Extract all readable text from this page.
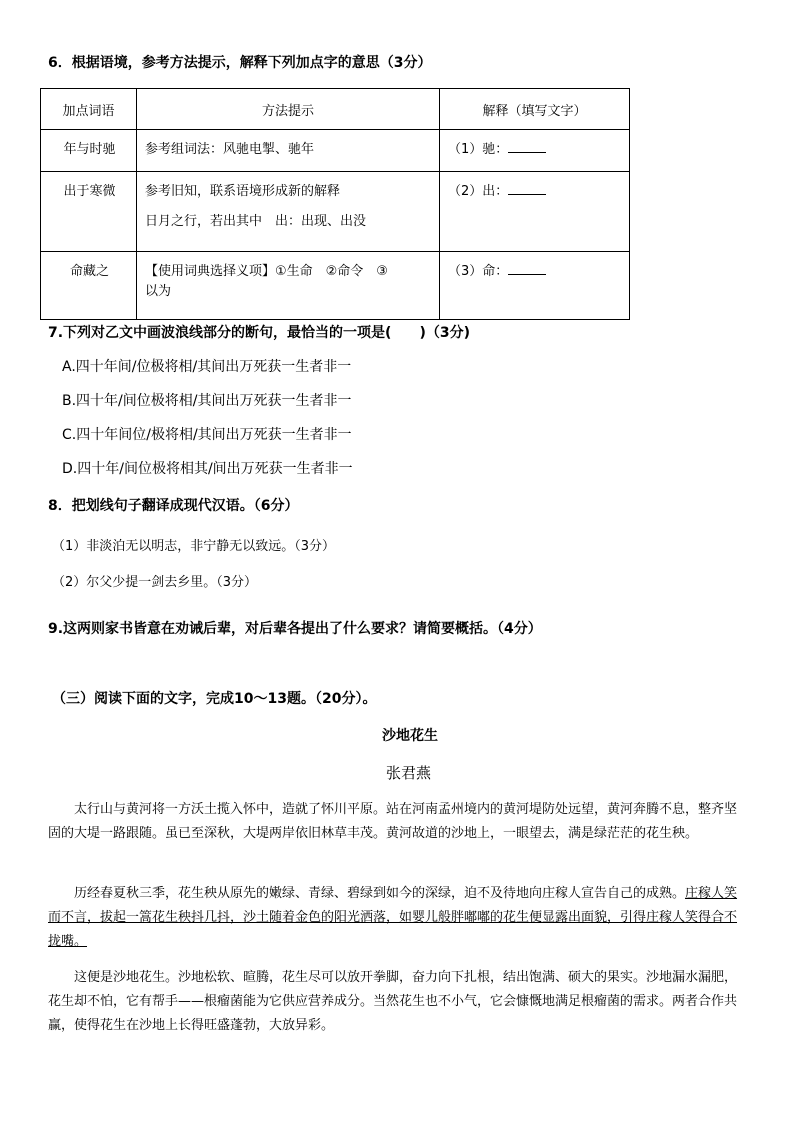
6．根据语境，参考方法提示，解释下列加点字的意思（3分）
加点词语	方法提示	解释（填写文字）

年与时驰	参考组词法：风驰电掣、驰年	（1）驰：

出于寒微	参考旧知，联系语境形成新的解释
日月之行，若出其中　出：出现、出没	（2）出：

命藏之	【使用词典选择义项】①生命　②命令　③
以为	（3）命：
7.下列对乙文中画波浪线部分的断句，最恰当的一项是(　　)（3分)
A.四十年间/位极将相/其间出万死获一生者非一
B.四十年/间位极将相/其间出万死获一生者非一
C.四十年间位/极将相/其间出万死获一生者非一
D.四十年/间位极将相其/间出万死获一生者非一
8．把划线句子翻译成现代汉语。（6分）
（1）非淡泊无以明志，非宁静无以致远。（3分）
（2）尔父少提一剑去乡里。（3分）
9.这两则家书皆意在劝诫后辈，对后辈各提出了什么要求？请简要概括。（4分）
（三）阅读下面的文字，完成10～13题。（20分）。
沙地花生
张君燕
太行山与黄河将一方沃土揽入怀中，造就了怀川平原。站在河南孟州境内的黄河堤防处远望，黄河奔腾不息，整齐坚固的大堤一路跟随。虽已至深秋，大堤两岸依旧林草丰茂。黄河故道的沙地上，一眼望去，满是绿茫茫的花生秧。
历经春夏秋三季，花生秧从原先的嫩绿、青绿、碧绿到如今的深绿，迫不及待地向庄稼人宣告自己的成熟。庄稼人笑而不言，拔起一篙花生秧抖几抖，沙土随着金色的阳光洒落，如婴儿般胖嘟嘟的花生便显露出面貌，引得庄稼人笑得合不拢嘴。
这便是沙地花生。沙地松软、暄腾，花生尽可以放开拳脚，奋力向下扎根，结出饱满、硕大的果实。沙地漏水漏肥，花生却不怕，它有帮手——根瘤菌能为它供应营养成分。当然花生也不小气，它会慷慨地满足根瘤菌的需求。两者合作共赢，使得花生在沙地上长得旺盛蓬勃，大放异彩。
